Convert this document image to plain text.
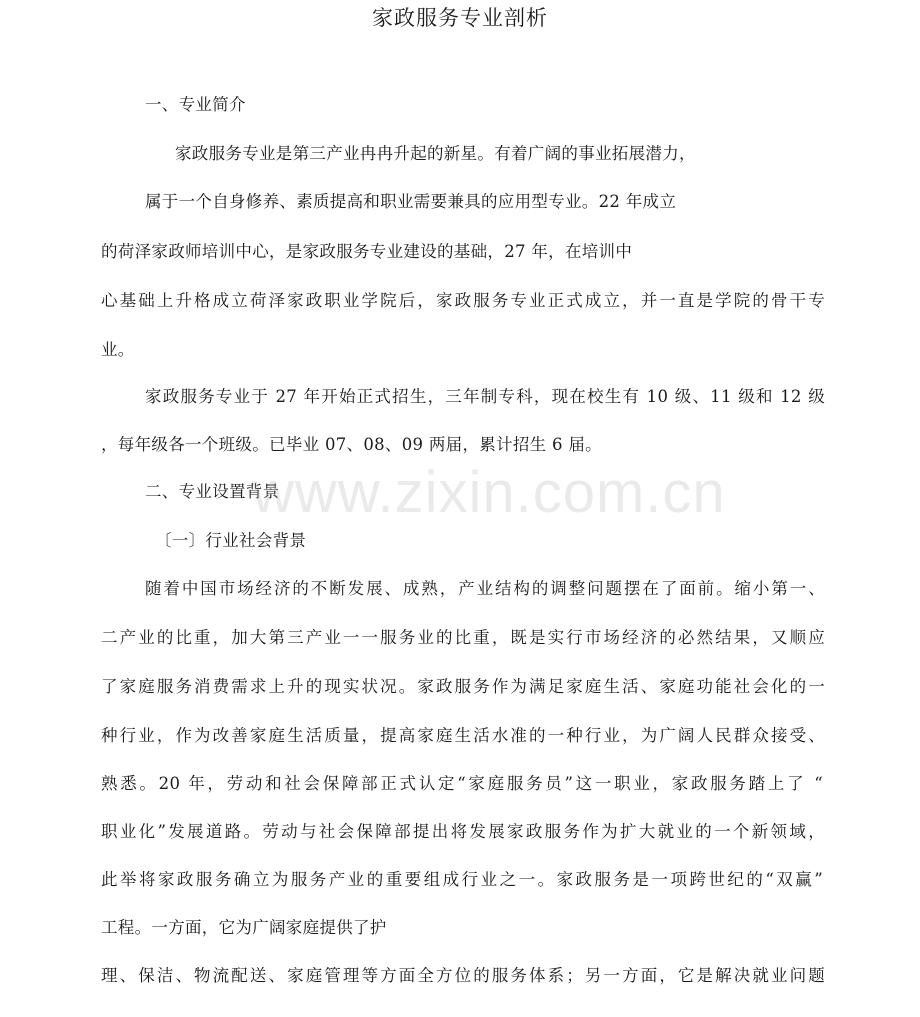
家政服务专业剖析
一、专业简介
家政服务专业是第三产业冉冉升起的新星。有着广阔的事业拓展潜力，
属于一个自身修养、素质提高和职业需要兼具的应用型专业。22 年成立
的荷泽家政师培训中心，是家政服务专业建设的基础，27 年，在培训中
心基础上升格成立荷泽家政职业学院后，家政服务专业正式成立，并一直是学院的骨干专
业。
家政服务专业于 27 年开始正式招生，三年制专科，现在校生有 10 级、11 级和 12 级
，每年级各一个班级。已毕业 07、08、09 两届，累计招生 6 届。
二、专业设置背景
〔一〕行业社会背景
随着中国市场经济的不断发展、成熟，产业结构的调整问题摆在了面前。缩小第一、
二产业的比重，加大第三产业一一服务业的比重，既是实行市场经济的必然结果，又顺应
了家庭服务消费需求上升的现实状况。家政服务作为满足家庭生活、家庭功能社会化的一
种行业，作为改善家庭生活质量，提高家庭生活水准的一种行业，为广阔人民群众接受、
熟悉。20 年，劳动和社会保障部正式认定“家庭服务员”这一职业，家政服务踏上了 “
职业化”发展道路。劳动与社会保障部提出将发展家政服务作为扩大就业的一个新领域，
此举将家政服务确立为服务产业的重要组成行业之一。家政服务是一项跨世纪的“双赢”
工程。一方面，它为广阔家庭提供了护
理、保洁、物流配送、家庭管理等方面全方位的服务体系；另一方面，它是解决就业问题
www.zixin.com.cn
